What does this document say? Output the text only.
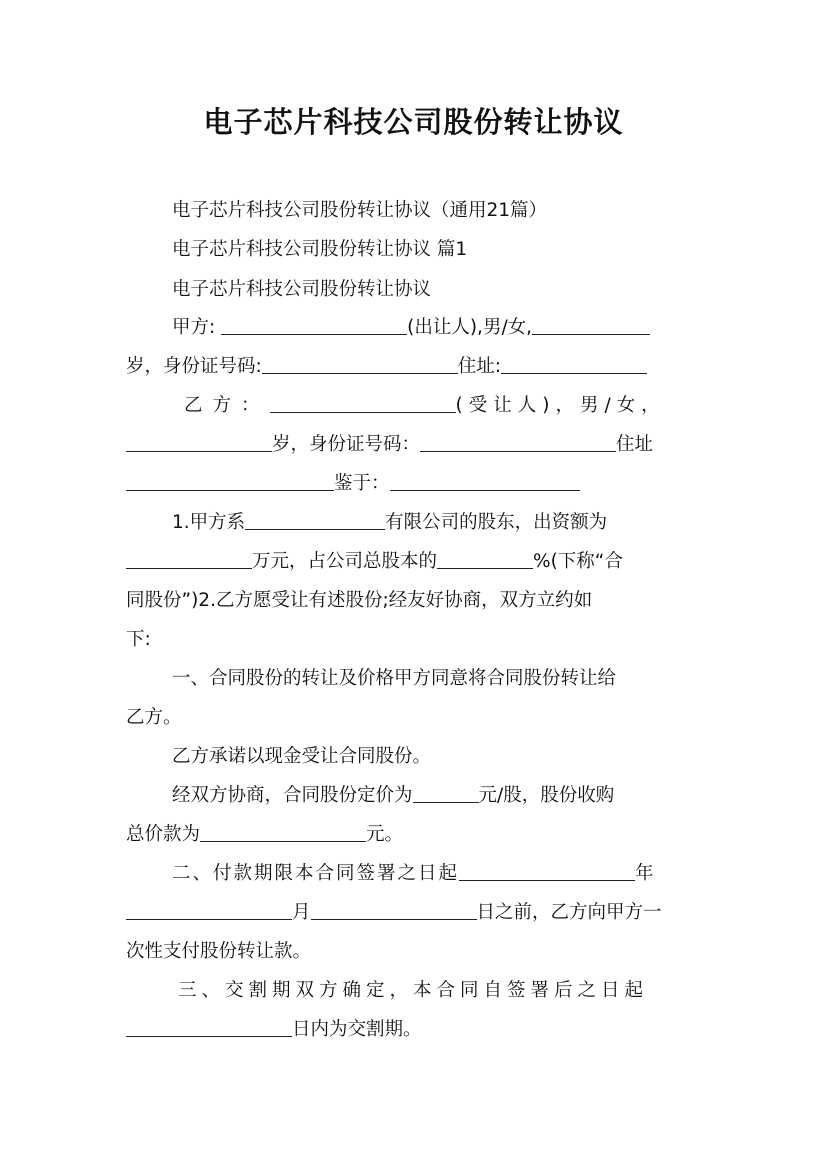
电子芯片科技公司股份转让协议
电子芯片科技公司股份转让协议（通用21篇）
电子芯片科技公司股份转让协议 篇1
电子芯片科技公司股份转让协议
甲方:	(出让人),男/女,
岁，身份证号码:	住址:
乙方：	(受让人)，男/女，
岁，身份证号码：	住址
鉴于：
1.甲方系	有限公司的股东，出资额为
万元，占公司总股本的	%(下称“合
同股份”)2.乙方愿受让有述股份;经友好协商，双方立约如
下:
一、合同股份的转让及价格甲方同意将合同股份转让给
乙方。
乙方承诺以现金受让合同股份。
经双方协商，合同股份定价为	元/股，股份收购
总价款为	元。
二、付款期限本合同签署之日起	年
月	日之前，乙方向甲方一
次性支付股份转让款。
三、交割期双方确定，本合同自签署后之日起
日内为交割期。
